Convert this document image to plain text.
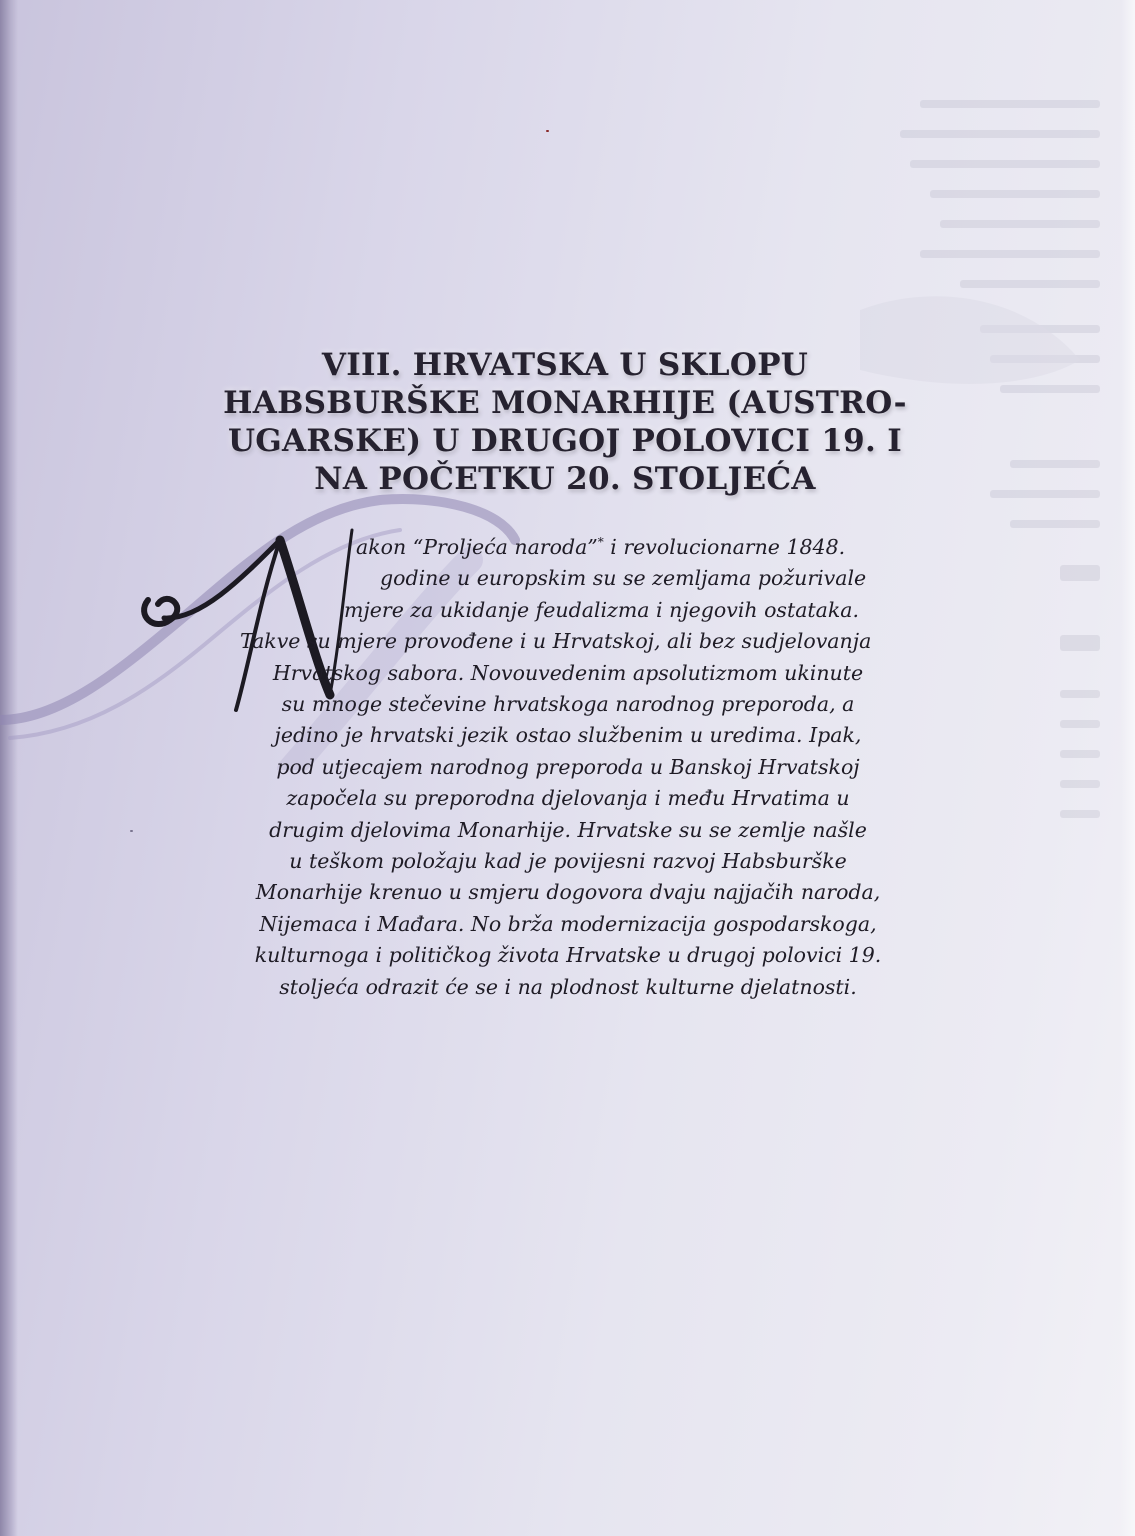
N
VIII. HRVATSKA U SKLOPU
HABSBURŠKE MONARHIJE (AUSTRO-
UGARSKE) U DRUGOJ POLOVICI 19. I
NA POČETKU 20. STOLJEĆA

akon “Proljeća naroda”* i revolucionarne 1848.
godine u europskim su se zemljama požurivale
mjere za ukidanje feudalizma i njegovih ostataka.
Takve su mjere provođene i u Hrvatskoj, ali bez sudjelovanja
Hrvatskog sabora. Novouvedenim apsolutizmom ukinute
su mnoge stečevine hrvatskoga narodnog preporoda, a
jedino je hrvatski jezik ostao službenim u uredima. Ipak,
pod utjecajem narodnog preporoda u Banskoj Hrvatskoj
započela su preporodna djelovanja i među Hrvatima u
drugim djelovima Monarhije. Hrvatske su se zemlje našle
u teškom položaju kad je povijesni razvoj Habsburške
Monarhije krenuo u smjeru dogovora dvaju najjačih naroda,
Nijemaca i Mađara. No brža modernizacija gospodarskoga,
kulturnoga i političkog života Hrvatske u drugoj polovici 19.
stoljeća odrazit će se i na plodnost kulturne djelatnosti.
